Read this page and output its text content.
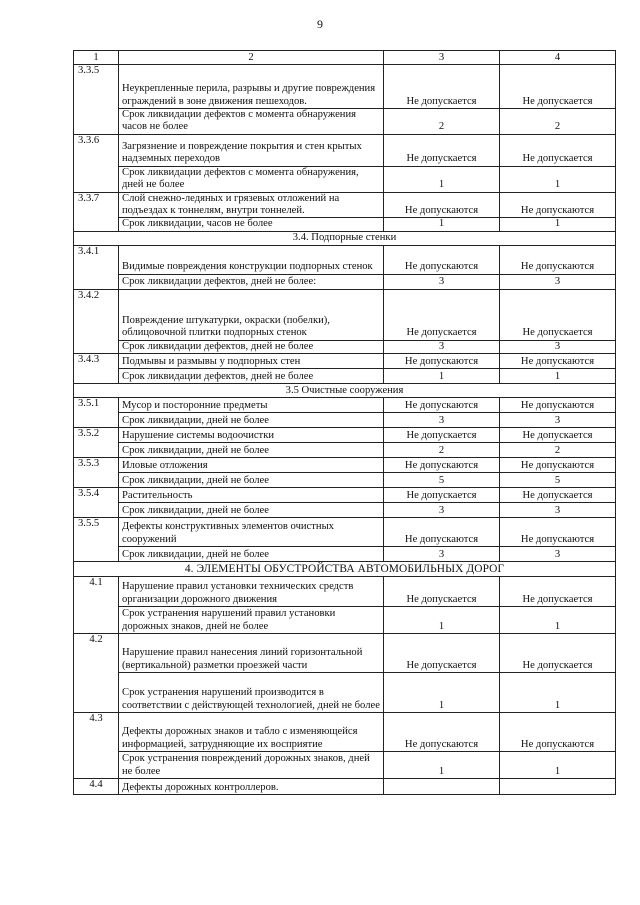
9
1	2	3	4
3.3.5	Неукрепленные перила, разрывы и другие повреждения ограждений в зоне движения пешеходов.	Не допускается	Не допускается
	Срок ликвидации дефектов с момента обнаружения часов не более	2	2
3.3.6	Загрязнение и повреждение покрытия и стен крытых надземных переходов	Не допускается	Не допускается
	Срок ликвидации дефектов с момента обнаружения, дней не более	1	1
3.3.7	Слой снежно-ледяных и грязевых отложений на подъездах к тоннелям, внутри тоннелей.	Не допускаются	Не допускаются
	Срок ликвидации, часов не более	1	1
3.4. Подпорные стенки			
3.4.1	Видимые повреждения конструкции подпорных стенок	Не допускаются	Не допускаются
	Срок ликвидации дефектов, дней не более:	3	3
3.4.2	Повреждение штукатурки, окраски (побелки), облицовочной плитки подпорных стенок	Не допускается	Не допускается
	Срок ликвидации дефектов, дней не более	3	3
3.4.3	Подмывы и размывы у подпорных стен	Не допускаются	Не допускаются
	Срок ликвидации дефектов, дней не более	1	1
3.5 Очистные сооружения			
3.5.1	Мусор и посторонние предметы	Не допускаются	Не допускаются
	Срок ликвидации, дней не более	3	3
3.5.2	Нарушение системы водоочистки	Не допускается	Не допускается
	Срок ликвидации, дней не более	2	2
3.5.3	Иловые отложения	Не допускаются	Не допускаются
	Срок ликвидации, дней не более	5	5
3.5.4	Растительность	Не допускается	Не допускается
	Срок ликвидации, дней не более	3	3
3.5.5	Дефекты конструктивных элементов очистных сооружений	Не допускаются	Не допускаются
	Срок ликвидации, дней не более	3	3
4. ЭЛЕМЕНТЫ ОБУСТРОЙСТВА АВТОМОБИЛЬНЫХ ДОРОГ			
4.1	Нарушение правил установки технических средств организации дорожного движения	Не допускается	Не допускается
	Срок устранения нарушений правил установки дорожных знаков, дней не более	1	1
4.2	Нарушение правил нанесения линий горизонтальной (вертикальной) разметки проезжей части	Не допускается	Не допускается
	Срок устранения нарушений производится в соответствии с действующей технологией, дней не более	1	1
4.3	Дефекты дорожных знаков и табло с изменяющейся информацией, затрудняющие их восприятие	Не допускаются	Не допускаются
	Срок устранения повреждений дорожных знаков, дней не более	1	1
4.4	Дефекты дорожных контроллеров.		
